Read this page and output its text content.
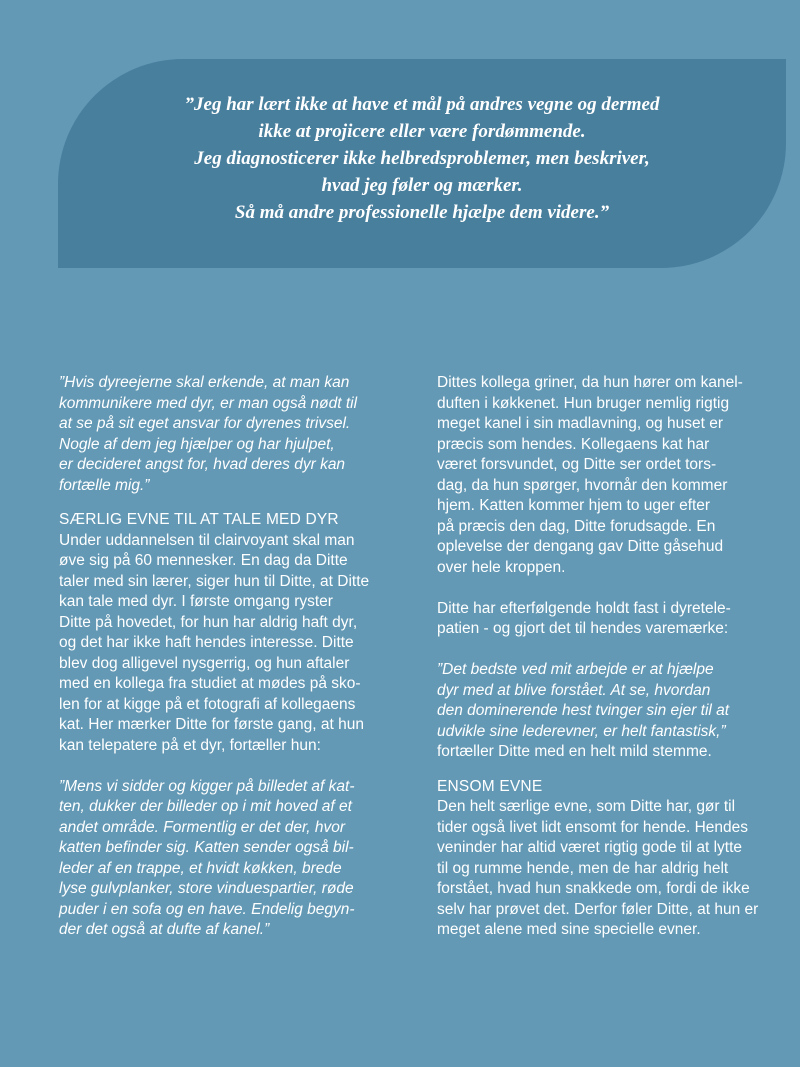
”Jeg har lært ikke at have et mål på andres vegne og dermed
ikke at projicere eller være fordømmende.
Jeg diagnosticerer ikke helbredsproblemer, men beskriver,
hvad jeg føler og mærker.
Så må andre professionelle hjælpe dem videre.”
”Hvis dyreejerne skal erkende, at man kan
kommunikere med dyr, er man også nødt til
at se på sit eget ansvar for dyrenes trivsel.
Nogle af dem jeg hjælper og har hjulpet,
er decideret angst for, hvad deres dyr kan
fortælle mig.”
SÆRLIG EVNE TIL AT TALE MED DYR
Under uddannelsen til clairvoyant skal man
øve sig på 60 mennesker. En dag da Ditte
taler med sin lærer, siger hun til Ditte, at Ditte
kan tale med dyr. I første omgang ryster
Ditte på hovedet, for hun har aldrig haft dyr,
og det har ikke haft hendes interesse. Ditte
blev dog alligevel nysgerrig, og hun aftaler
med en kollega fra studiet at mødes på sko-
len for at kigge på et fotografi af kollegaens
kat. Her mærker Ditte for første gang, at hun
kan telepatere på et dyr, fortæller hun:
”Mens vi sidder og kigger på billedet af kat-
ten, dukker der billeder op i mit hoved af et
andet område. Formentlig er det der, hvor
katten befinder sig. Katten sender også bil-
leder af en trappe, et hvidt køkken, brede
lyse gulvplanker, store vinduespartier, røde
puder i en sofa og en have. Endelig begyn-
der det også at dufte af kanel.”
Dittes kollega griner, da hun hører om kanel-
duften i køkkenet. Hun bruger nemlig rigtig
meget kanel i sin madlavning, og huset er
præcis som hendes. Kollegaens kat har
været forsvundet, og Ditte ser ordet tors-
dag, da hun spørger, hvornår den kommer
hjem. Katten kommer hjem to uger efter
på præcis den dag, Ditte forudsagde. En
oplevelse der dengang gav Ditte gåsehud
over hele kroppen.
Ditte har efterfølgende holdt fast i dyretele-
patien - og gjort det til hendes varemærke:
”Det bedste ved mit arbejde er at hjælpe
dyr med at blive forstået. At se, hvordan
den dominerende hest tvinger sin ejer til at
udvikle sine lederevner, er helt fantastisk,”
fortæller Ditte med en helt mild stemme.
ENSOM EVNE
Den helt særlige evne, som Ditte har, gør til
tider også livet lidt ensomt for hende. Hendes
veninder har altid været rigtig gode til at lytte
til og rumme hende, men de har aldrig helt
forstået, hvad hun snakkede om, fordi de ikke
selv har prøvet det. Derfor føler Ditte, at hun er
meget alene med sine specielle evner.
